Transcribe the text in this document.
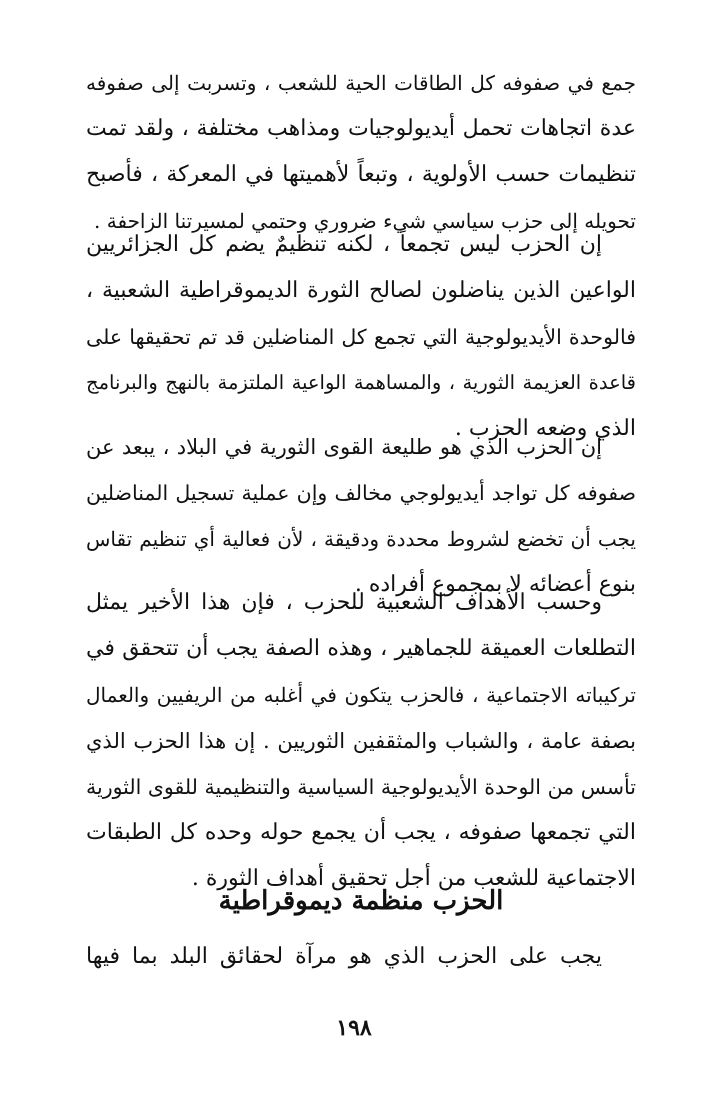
جمع في صفوفه كل الطاقات الحية للشعب ، وتسربت إلى صفوفه
عدة اتجاهات تحمل أيديولوجيات ومذاهب مختلفة ، ولقد تمت
تنظيمات حسب الأولوية ، وتبعاً لأهميتها في المعركة ، فأصبح
تحويله إلى حزب سياسي شيء ضروري وحتمي لمسيرتنا الزاحفة .
إن الحزب ليس تجمعاً ، لكنه تنظيمٌ يضم كل الجزائريين
الواعين الذين يناضلون لصالح الثورة الديموقراطية الشعبية ،
فالوحدة الأيديولوجية التي تجمع كل المناضلين قد تم تحقيقها على
قاعدة العزيمة الثورية ، والمساهمة الواعية الملتزمة بالنهج والبرنامج
الذي وضعه الحزب .
إن الحزب الذي هو طليعة القوى الثورية في البلاد ، يبعد عن
صفوفه كل تواجد أيديولوجي مخالف وإن عملية تسجيل المناضلين
يجب أن تخضع لشروط محددة ودقيقة ، لأن فعالية أي تنظيم تقاس
بنوع أعضائه لا بمجموع أفراده .
وحسب الأهداف الشعبية للحزب ، فإن هذا الأخير يمثل
التطلعات العميقة للجماهير ، وهذه الصفة يجب أن تتحقق في
تركيباته الاجتماعية ، فالحزب يتكون في أغلبه من الريفيين والعمال
بصفة عامة ، والشباب والمثقفين الثوريين . إن هذا الحزب الذي
تأسس من الوحدة الأيديولوجية السياسية والتنظيمية للقوى الثورية
التي تجمعها صفوفه ، يجب أن يجمع حوله وحده كل الطبقات
الاجتماعية للشعب من أجل تحقيق أهداف الثورة .
الحزب منظمة ديموقراطية
يجب على الحزب الذي هو مرآة لحقائق البلد بما فيها
١٩٨
